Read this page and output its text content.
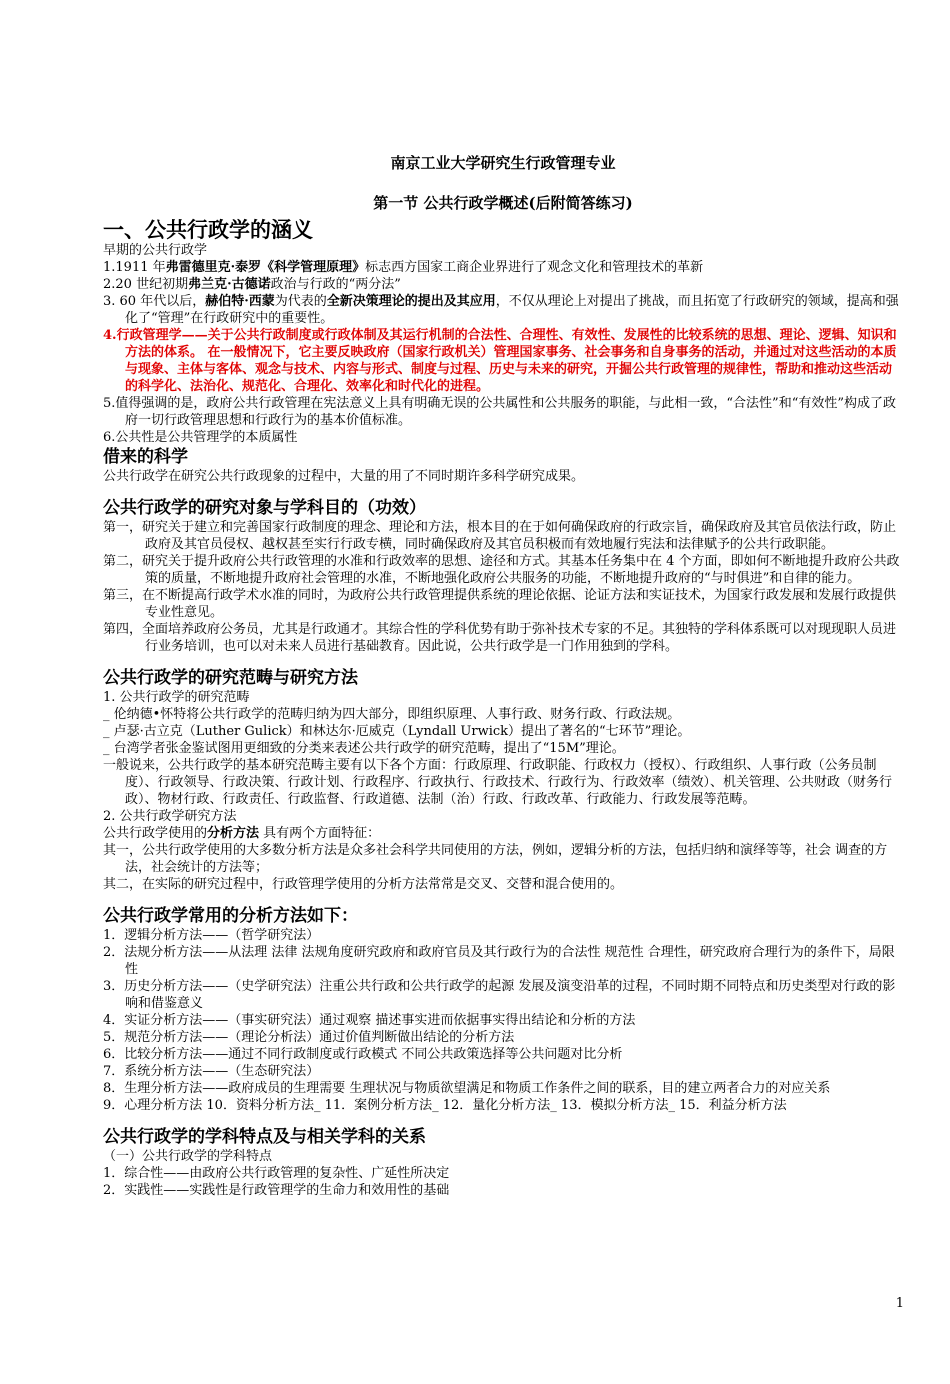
南京工业大学研究生行政管理专业

第一节 公共行政学概述(后附简答练习)

一、公共行政学的涵义

早期的公共行政学

1.1911 年弗雷德里克·泰罗《科学管理原理》标志西方国家工商企业界进行了观念文化和管理技术的革新

2.20 世纪初期弗兰克·古德诺政治与行政的“两分法”

3. 60 年代以后，赫伯特·西蒙为代表的全新决策理论的提出及其应用，不仅从理论上对提出了挑战，而且拓宽了行政研究的领域，提高和强化了“管理”在行政研究中的重要性。

4.行政管理学——关于公共行政制度或行政体制及其运行机制的合法性、合理性、有效性、发展性的比较系统的思想、理论、逻辑、知识和方法的体系。 在一般情况下，它主要反映政府（国家行政机关）管理国家事务、社会事务和自身事务的活动，并通过对这些活动的本质与现象、主体与客体、观念与技术、内容与形式、制度与过程、历史与未来的研究，开掘公共行政管理的规律性，帮助和推动这些活动的科学化、法治化、规范化、合理化、效率化和时代化的进程。

5.值得强调的是，政府公共行政管理在宪法意义上具有明确无误的公共属性和公共服务的职能，与此相一致，“合法性”和“有效性”构成了政府一切行政管理思想和行政行为的基本价值标准。

6.公共性是公共管理学的本质属性

借来的科学

公共行政学在研究公共行政现象的过程中，大量的用了不同时期许多科学研究成果。

公共行政学的研究对象与学科目的（功效）

第一，研究关于建立和完善国家行政制度的理念、理论和方法，根本目的在于如何确保政府的行政宗旨，确保政府及其官员依法行政，防止政府及其官员侵权、越权甚至实行行政专横，同时确保政府及其官员积极而有效地履行宪法和法律赋予的公共行政职能。

第二，研究关于提升政府公共行政管理的水准和行政效率的思想、途径和方式。其基本任务集中在 4 个方面，即如何不断地提升政府公共政策的质量，不断地提升政府社会管理的水准，不断地强化政府公共服务的功能，不断地提升政府的“与时俱进”和自律的能力。

第三，在不断提高行政学术水准的同时，为政府公共行政管理提供系统的理论依据、论证方法和实证技术，为国家行政发展和发展行政提供专业性意见。

第四，全面培养政府公务员，尤其是行政通才。其综合性的学科优势有助于弥补技术专家的不足。其独特的学科体系既可以对现现职人员进行业务培训，也可以对未来人员进行基础教育。因此说，公共行政学是一门作用独到的学科。

公共行政学的研究范畴与研究方法

1. 公共行政学的研究范畴

_ 伦纳德•怀特将公共行政学的范畴归纳为四大部分，即组织原理、人事行政、财务行政、行政法规。

_ 卢瑟·古立克（Luther Gulick）和林达尔·厄威克（Lyndall Urwick）提出了著名的“七环节”理论。

_ 台湾学者张金鉴试图用更细致的分类来表述公共行政学的研究范畴，提出了“15M”理论。

一般说来，公共行政学的基本研究范畴主要有以下各个方面：行政原理、行政职能、行政权力（授权）、行政组织、人事行政（公务员制度）、行政领导、行政决策、行政计划、行政程序、行政执行、行政技术、行政行为、行政效率（绩效）、机关管理、公共财政（财务行政）、物材行政、行政责任、行政监督、行政道德、法制（治）行政、行政改革、行政能力、行政发展等范畴。

2. 公共行政学研究方法

公共行政学使用的分析方法 具有两个方面特征：

其一，公共行政学使用的大多数分析方法是众多社会科学共同使用的方法，例如，逻辑分析的方法，包括归纳和演绎等等，社会 调查的方法，社会统计的方法等；

其二，在实际的研究过程中，行政管理学使用的分析方法常常是交叉、交替和混合使用的。

公共行政学常用的分析方法如下：

1．逻辑分析方法——（哲学研究法）

2．法规分析方法——从法理 法律 法规角度研究政府和政府官员及其行政行为的合法性 规范性 合理性，研究政府合理行为的条件下，局限性

3．历史分析方法——（史学研究法）注重公共行政和公共行政学的起源 发展及演变沿革的过程，不同时期不同特点和历史类型对行政的影响和借鉴意义

4．实证分析方法——（事实研究法）通过观察 描述事实进而依据事实得出结论和分析的方法

5．规范分析方法——（理论分析法）通过价值判断做出结论的分析方法

6．比较分析方法——通过不同行政制度或行政模式 不同公共政策选择等公共问题对比分析

7．系统分析方法——（生态研究法）

8．生理分析方法——政府成员的生理需要 生理状况与物质欲望满足和物质工作条件之间的联系，目的建立两者合力的对应关系

9．心理分析方法 10．资料分析方法_ 11．案例分析方法_ 12．量化分析方法_ 13．模拟分析方法_ 15．利益分析方法

公共行政学的学科特点及与相关学科的关系

（一）公共行政学的学科特点

1．综合性——由政府公共行政管理的复杂性、广延性所决定

2．实践性——实践性是行政管理学的生命力和效用性的基础

1
